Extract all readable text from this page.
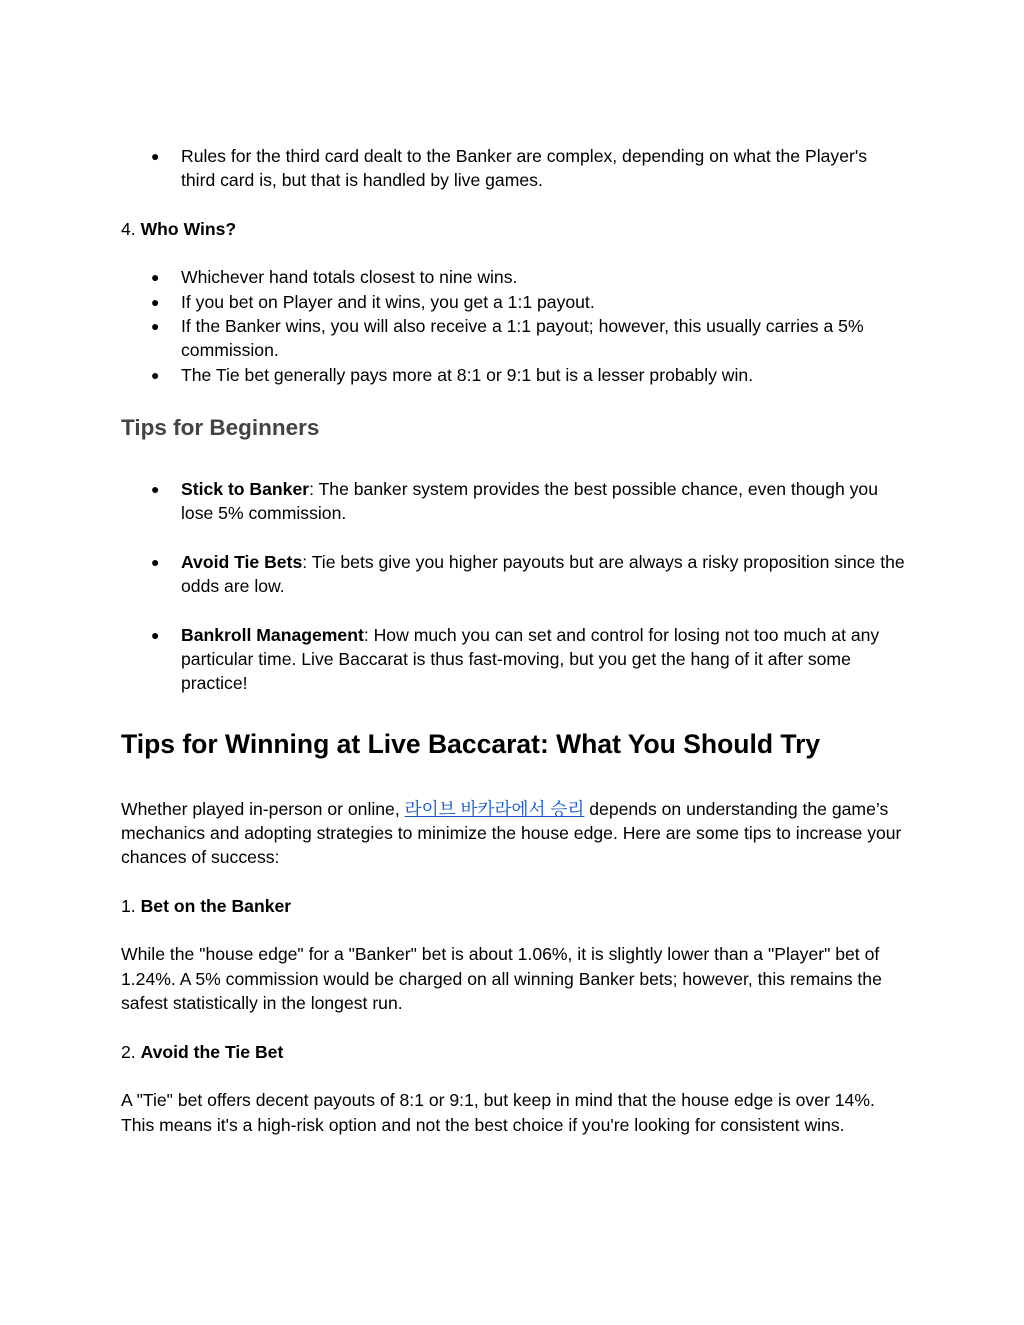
● Rules for the third card dealt to the Banker are complex, depending on what the Player's third card is, but that is handled by live games.

4. Who Wins?

● Whichever hand totals closest to nine wins.
● If you bet on Player and it wins, you get a 1:1 payout.
● If the Banker wins, you will also receive a 1:1 payout; however, this usually carries a 5% commission.
● The Tie bet generally pays more at 8:1 or 9:1 but is a lesser probably win.
Tips for Beginners
● Stick to Banker: The banker system provides the best possible chance, even though you lose 5% commission.
● Avoid Tie Bets: Tie bets give you higher payouts but are always a risky proposition since the odds are low.
● Bankroll Management: How much you can set and control for losing not too much at any particular time. Live Baccarat is thus fast-moving, but you get the hang of it after some practice!
Tips for Winning at Live Baccarat: What You Should Try

Whether played in-person or online, 라이브 바카라에서 승리 depends on understanding the game’s mechanics and adopting strategies to minimize the house edge. Here are some tips to increase your chances of success:

1. Bet on the Banker

While the "house edge" for a "Banker" bet is about 1.06%, it is slightly lower than a "Player" bet of 1.24%. A 5% commission would be charged on all winning Banker bets; however, this remains the safest statistically in the longest run.

2. Avoid the Tie Bet

A "Tie" bet offers decent payouts of 8:1 or 9:1, but keep in mind that the house edge is over 14%. This means it's a high-risk option and not the best choice if you're looking for consistent wins.
